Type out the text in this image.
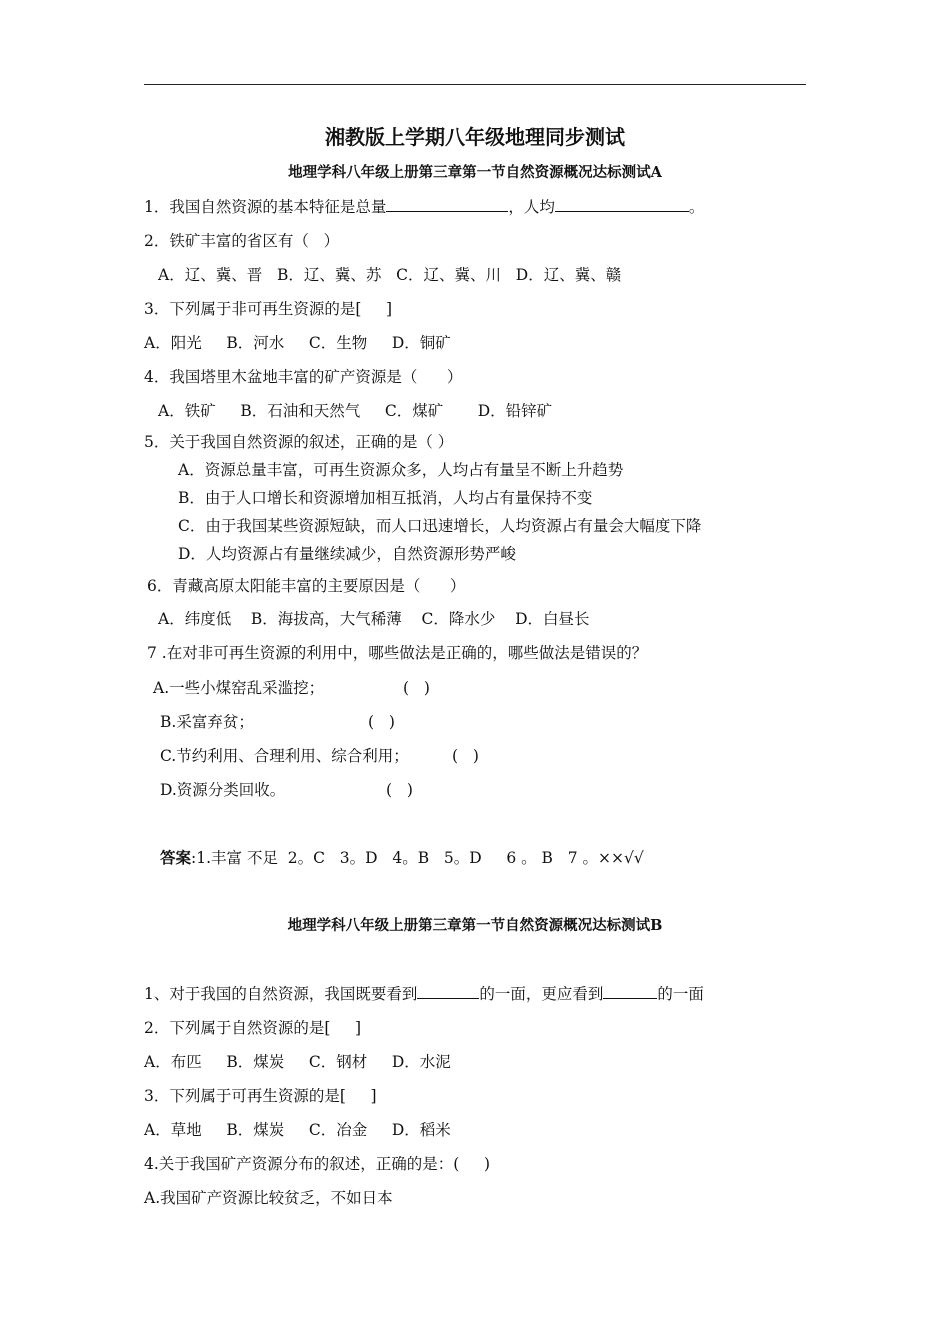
湘教版上学期八年级地理同步测试
地理学科八年级上册第三章第一节自然资源概况达标测试A
1．我国自然资源的基本特征是总量	，人均	。
2．铁矿丰富的省区有（   ）
A．辽、冀、晋   B．辽、冀、苏   C．辽、冀、川   D．辽、冀、赣
3．下列属于非可再生资源的是[     ]
A．阳光     B．河水     C．生物     D．铜矿
4．我国塔里木盆地丰富的矿产资源是（      ）
A．铁矿     B．石油和天然气     C．煤矿       D．铅锌矿
5．关于我国自然资源的叙述，正确的是（ ）
A．资源总量丰富，可再生资源众多，人均占有量呈不断上升趋势
B．由于人口增长和资源增加相互抵消，人均占有量保持不变
C．由于我国某些资源短缺，而人口迅速增长，人均资源占有量会大幅度下降
D．人均资源占有量继续减少，自然资源形势严峻
6．青藏高原太阳能丰富的主要原因是（      ）
A．纬度低    B．海拔高，大气稀薄    C．降水少    D．白昼长
7 .在对非可再生资源的利用中，哪些做法是正确的，哪些做法是错误的？
A.一些小煤窑乱采滥挖；	(   )
B.采富弃贫；	(   )
C.节约利用、合理利用、综合利用；	(   )
D.资源分类回收。	(   )
答案:1.丰富 不足  2。C   3。D   4。B   5。D     6 。 B   7 。××√√
地理学科八年级上册第三章第一节自然资源概况达标测试B
1、对于我国的自然资源，我国既要看到	的一面，更应看到	的一面
2．下列属于自然资源的是[     ]
A．布匹     B．煤炭     C．钢材     D．水泥
3．下列属于可再生资源的是[     ]
A．草地     B．煤炭     C．冶金     D．稻米
4.关于我国矿产资源分布的叙述，正确的是：(     )
A.我国矿产资源比较贫乏，不如日本
